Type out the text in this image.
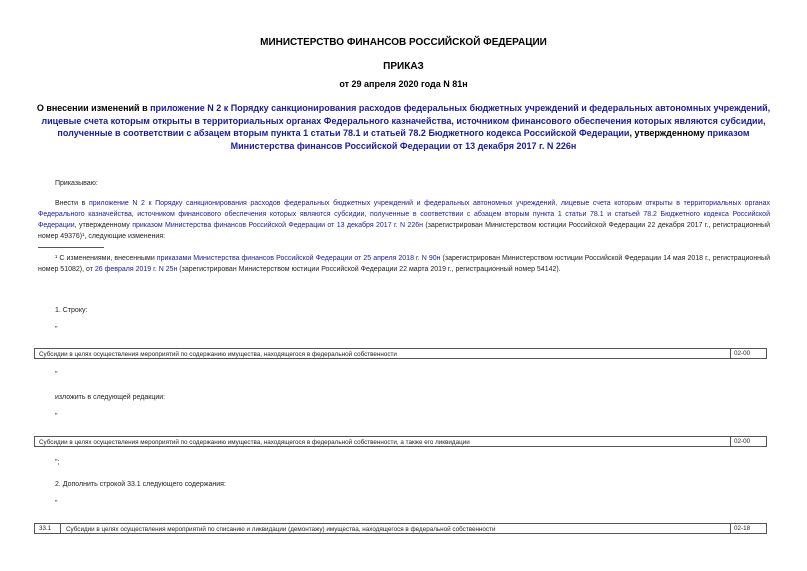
МИНИСТЕРСТВО ФИНАНСОВ РОССИЙСКОЙ ФЕДЕРАЦИИ
ПРИКАЗ
от 29 апреля 2020 года N 81н
О внесении изменений в приложение N 2 к Порядку санкционирования расходов федеральных бюджетных учреждений и федеральных автономных учреждений, лицевые счета которым открыты в территориальных органах Федерального казначейства, источником финансового обеспечения которых являются субсидии, полученные в соответствии с абзацем вторым пункта 1 статьи 78.1 и статьей 78.2 Бюджетного кодекса Российской Федерации, утвержденному приказом Министерства финансов Российской Федерации от 13 декабря 2017 г. N 226н
Приказываю:
Внести в приложение N 2 к Порядку санкционирования расходов федеральных бюджетных учреждений и федеральных автономных учреждений, лицевые счета которым открыты в территориальных органах Федерального казначейства, источником финансового обеспечения которых являются субсидии, полученные в соответствии с абзацем вторым пункта 1 статьи 78.1 и статьей 78.2 Бюджетного кодекса Российской Федерации, утвержденному приказом Министерства финансов Российской Федерации от 13 декабря 2017 г. N 226н (зарегистрирован Министерством юстиции Российской Федерации 22 декабря 2017 г., регистрационный номер 49376)¹, следующие изменения:
¹ С изменениями, внесенными приказами Министерства финансов Российской Федерации от 25 апреля 2018 г. N 90н (зарегистрирован Министерством юстиции Российской Федерации 14 мая 2018 г., регистрационный номер 51082), от 26 февраля 2019 г. N 25н (зарегистрирован Министерством юстиции Российской Федерации 22 марта 2019 г., регистрационный номер 54142).
1. Строку:
"
Субсидии в целях осуществления мероприятий по содержанию имущества, находящегося в федеральной собственности	02-00
"
изложить в следующей редакции:
"
Субсидии в целях осуществления мероприятий по содержанию имущества, находящегося в федеральной собственности, а также его ликвидации	02-00
";
2. Дополнить строкой 33.1 следующего содержания:
"
33.1	Субсидии в целях осуществления мероприятий по списанию и ликвидации (демонтажу) имущества, находящегося в федеральной собственности	02-18
